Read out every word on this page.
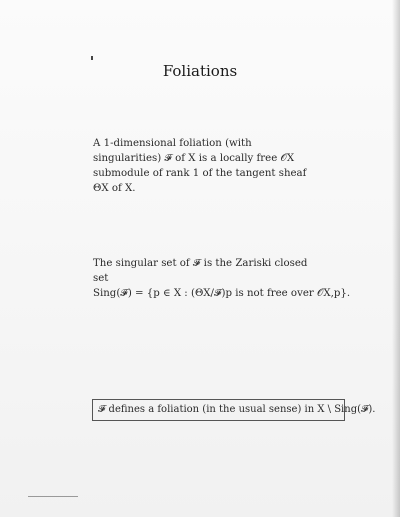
Foliations
A 1-dimensional foliation (with singularities) 𝓕 of X is a locally free 𝒪X submodule of rank 1 of the tangent sheaf ΘX of X.
The singular set of 𝓕 is the Zariski closed set
Sing(𝓕) = {p ∈ X : (ΘX/𝓕)p is not free over 𝒪X,p}.
𝓕 defines a foliation (in the usual sense) in X \ Sing(𝓕).
